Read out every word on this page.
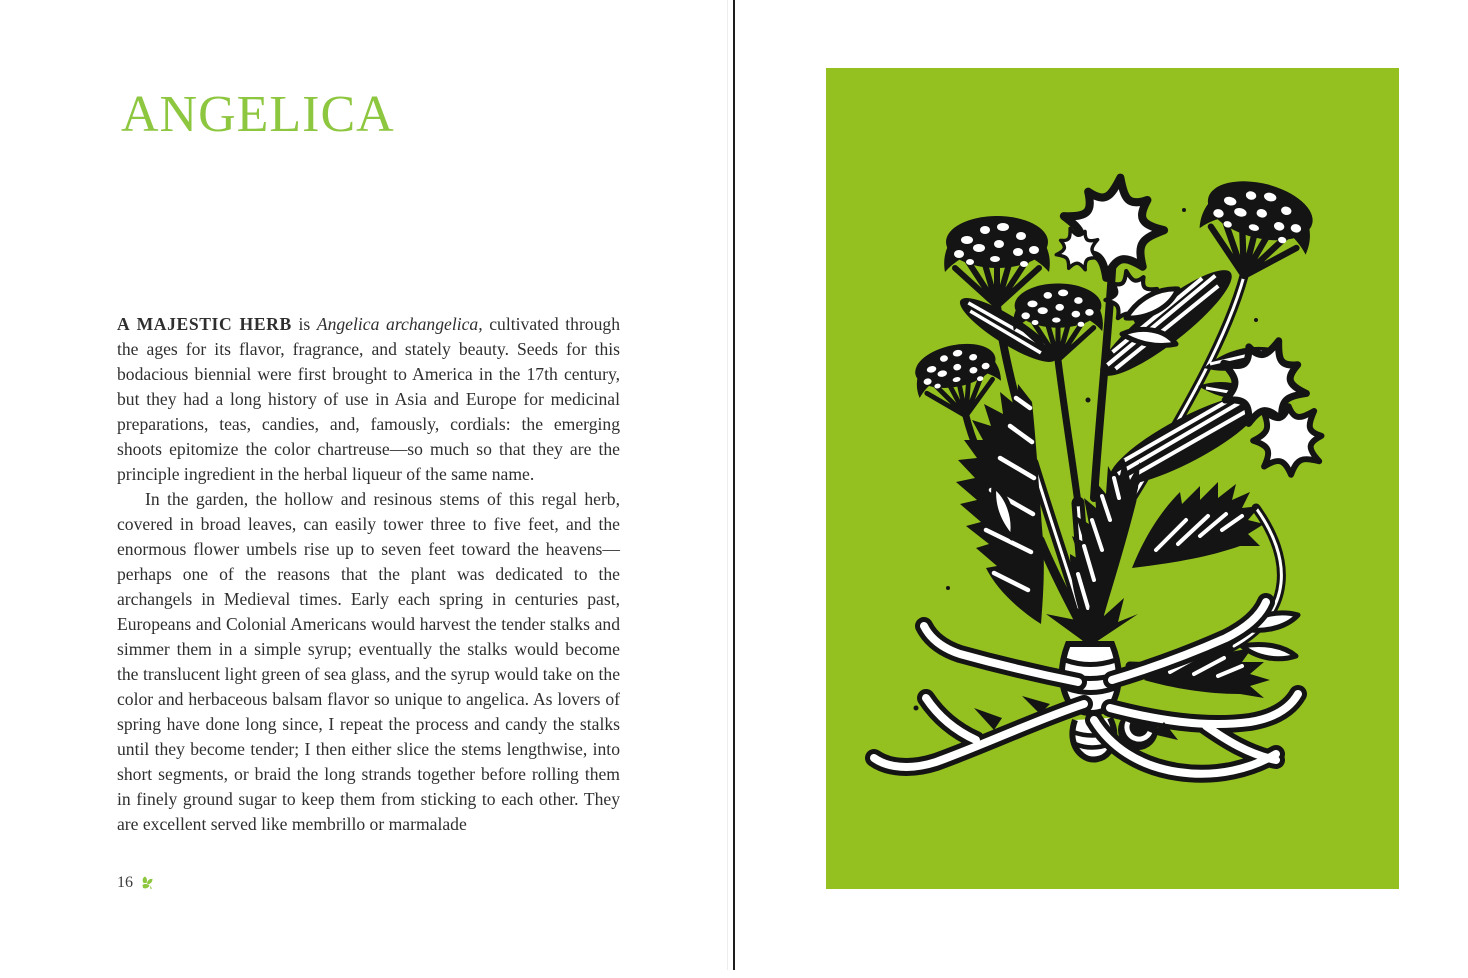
ANGELICA

A MAJESTIC HERB is Angelica archangelica, cultivated through the ages for its flavor, fragrance, and stately beauty. Seeds for this bodacious biennial were first brought to America in the 17th century, but they had a long history of use in Asia and Europe for medicinal preparations, teas, candies, and, famously, cordials: the emerging shoots epitomize the color chartreuse—so much so that they are the principle ingredient in the herbal liqueur of the same name.

In the garden, the hollow and resinous stems of this regal herb, covered in broad leaves, can easily tower three to five feet, and the enormous flower umbels rise up to seven feet toward the heavens—perhaps one of the reasons that the plant was dedicated to the archangels in Medieval times. Early each spring in centuries past, Europeans and Colonial Americans would harvest the tender stalks and simmer them in a simple syrup; eventually the stalks would become the translucent light green of sea glass, and the syrup would take on the color and herbaceous balsam flavor so unique to angelica. As lovers of spring have done long since, I repeat the process and candy the stalks until they become tender; I then either slice the stems lengthwise, into short segments, or braid the long strands together before rolling them in finely ground sugar to keep them from sticking to each other. They are excellent served like membrillo or marmalade

16
